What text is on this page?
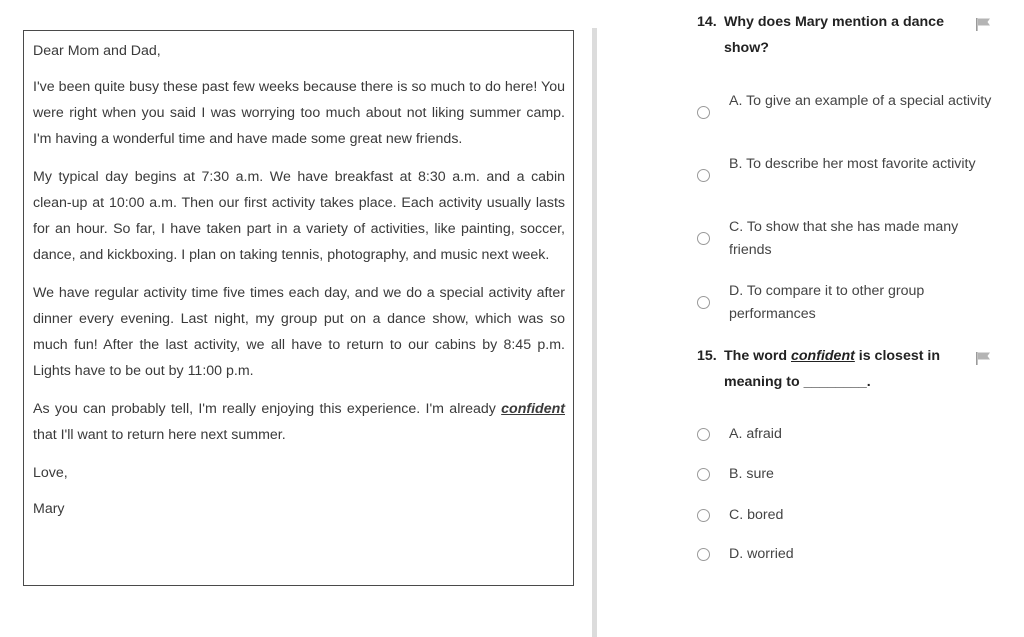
Dear Mom and Dad,

I've been quite busy these past few weeks because there is so much to do here! You were right when you said I was worrying too much about not liking summer camp. I'm having a wonderful time and have made some great new friends.

My typical day begins at 7:30 a.m. We have breakfast at 8:30 a.m. and a cabin clean-up at 10:00 a.m. Then our first activity takes place. Each activity usually lasts for an hour. So far, I have taken part in a variety of activities, like painting, soccer, dance, and kickboxing. I plan on taking tennis, photography, and music next week.

We have regular activity time five times each day, and we do a special activity after dinner every evening. Last night, my group put on a dance show, which was so much fun! After the last activity, we all have to return to our cabins by 8:45 p.m. Lights have to be out by 11:00 p.m.

As you can probably tell, I'm really enjoying this experience. I'm already confident that I'll want to return here next summer.

Love,

Mary

14. Why does Mary mention a dance show?
A. To give an example of a special activity
B. To describe her most favorite activity
C. To show that she has made many friends
D. To compare it to other group performances
15. The word confident is closest in meaning to ________.
A. afraid
B. sure
C. bored
D. worried
